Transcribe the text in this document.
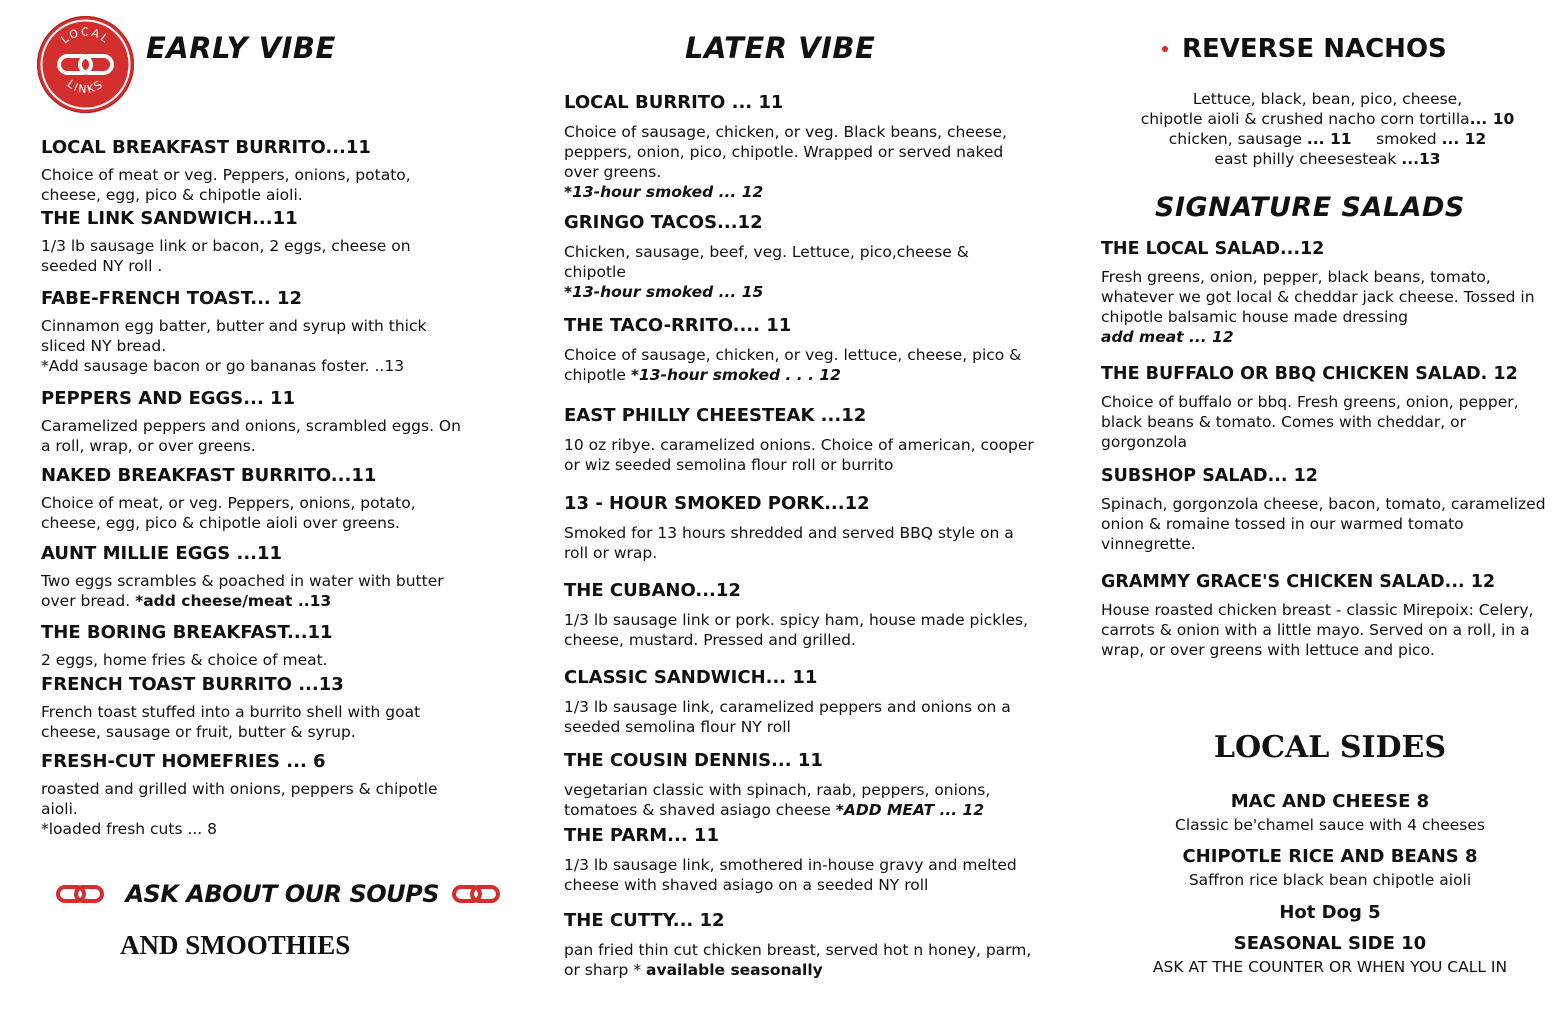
LOCAL
LINKS
EARLY VIBE

LOCAL BREAKFAST BURRITO...11

Choice of meat or veg. Peppers, onions, potato, cheese, egg, pico & chipotle aioli.

THE LINK SANDWICH...11

1/3 lb sausage link or bacon, 2 eggs, cheese on seeded NY roll .

FABE-FRENCH TOAST... 12

Cinnamon egg batter, butter and syrup with thick sliced NY bread.

*Add sausage bacon or go bananas foster. ..13

PEPPERS AND EGGS... 11

Caramelized peppers and onions, scrambled eggs. On a roll, wrap, or over greens.

NAKED BREAKFAST BURRITO...11

Choice of meat, or veg. Peppers, onions, potato, cheese, egg, pico & chipotle aioli over greens.

AUNT MILLIE EGGS ...11

Two eggs scrambles & poached in water with butter over bread. *add cheese/meat ..13

THE BORING BREAKFAST...11

2 eggs, home fries & choice of meat.

FRENCH TOAST BURRITO ...13

French toast stuffed into a burrito shell with goat cheese, sausage or fruit, butter & syrup.

FRESH-CUT HOMEFRIES ... 6

roasted and grilled with onions, peppers & chipotle aioli.

*loaded fresh cuts ... 8

ASK ABOUT OUR SOUPS
AND SMOOTHIES
LATER VIBE

LOCAL BURRITO ... 11

Choice of sausage, chicken, or veg. Black beans, cheese, peppers, onion, pico, chipotle. Wrapped or served naked over greens.

*13-hour smoked ... 12

GRINGO TACOS...12

Chicken, sausage, beef, veg. Lettuce, pico,cheese & chipotle

*13-hour smoked ... 15

THE TACO-RRITO.... 11

Choice of sausage, chicken, or veg. lettuce, cheese, pico & chipotle *13-hour smoked . . . 12

EAST PHILLY CHEESTEAK ...12

10 oz ribye. caramelized onions. Choice of american, cooper or wiz seeded semolina flour roll or burrito

13 - HOUR SMOKED PORK...12

Smoked for 13 hours shredded and served BBQ style on a roll or wrap.

THE CUBANO...12

1/3 lb sausage link or pork. spicy ham, house made pickles, cheese, mustard. Pressed and grilled.

CLASSIC SANDWICH... 11

1/3 lb sausage link, caramelized peppers and onions on a seeded semolina flour NY roll

THE COUSIN DENNIS... 11

vegetarian classic with spinach, raab, peppers, onions, tomatoes & shaved asiago cheese *ADD MEAT ... 12

THE PARM... 11

1/3 lb sausage link, smothered in-house gravy and melted cheese with shaved asiago on a seeded NY roll

THE CUTTY... 12

pan fried thin cut chicken breast, served hot n honey, parm, or sharp * available seasonally

REVERSE NACHOS

Lettuce, black, bean, pico, cheese,

chipotle aioli & crushed nacho corn tortilla... 10

chicken, sausage ... 11 smoked ... 12

east philly cheesesteak ...13

SIGNATURE SALADS

THE LOCAL SALAD...12

Fresh greens, onion, pepper, black beans, tomato, whatever we got local & cheddar jack cheese. Tossed in chipotle balsamic house made dressing

add meat ... 12

THE BUFFALO OR BBQ CHICKEN SALAD. 12

Choice of buffalo or bbq. Fresh greens, onion, pepper, black beans & tomato. Comes with cheddar, or gorgonzola

SUBSHOP SALAD... 12

Spinach, gorgonzola cheese, bacon, tomato, caramelized onion & romaine tossed in our warmed tomato vinnegrette.

GRAMMY GRACE'S CHICKEN SALAD... 12

House roasted chicken breast - classic Mirepoix: Celery, carrots & onion with a little mayo. Served on a roll, in a wrap, or over greens with lettuce and pico.

LOCAL SIDES

MAC AND CHEESE 8

Classic be'chamel sauce with 4 cheeses

CHIPOTLE RICE AND BEANS 8

Saffron rice black bean chipotle aioli

Hot Dog 5

SEASONAL SIDE 10

ASK AT THE COUNTER OR WHEN YOU CALL IN
